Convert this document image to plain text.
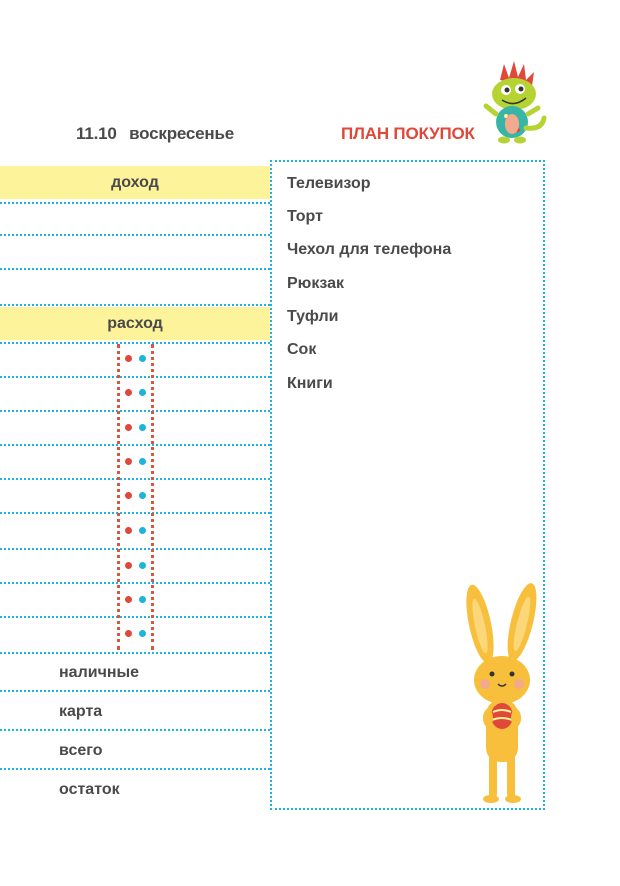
11.10 воскресенье	ПЛАН ПОКУПОК
доход
расход
наличные
карта
всего
остаток
Телевизор
Торт
Чехол для телефона
Рюкзак
Туфли
Сок
Книги
